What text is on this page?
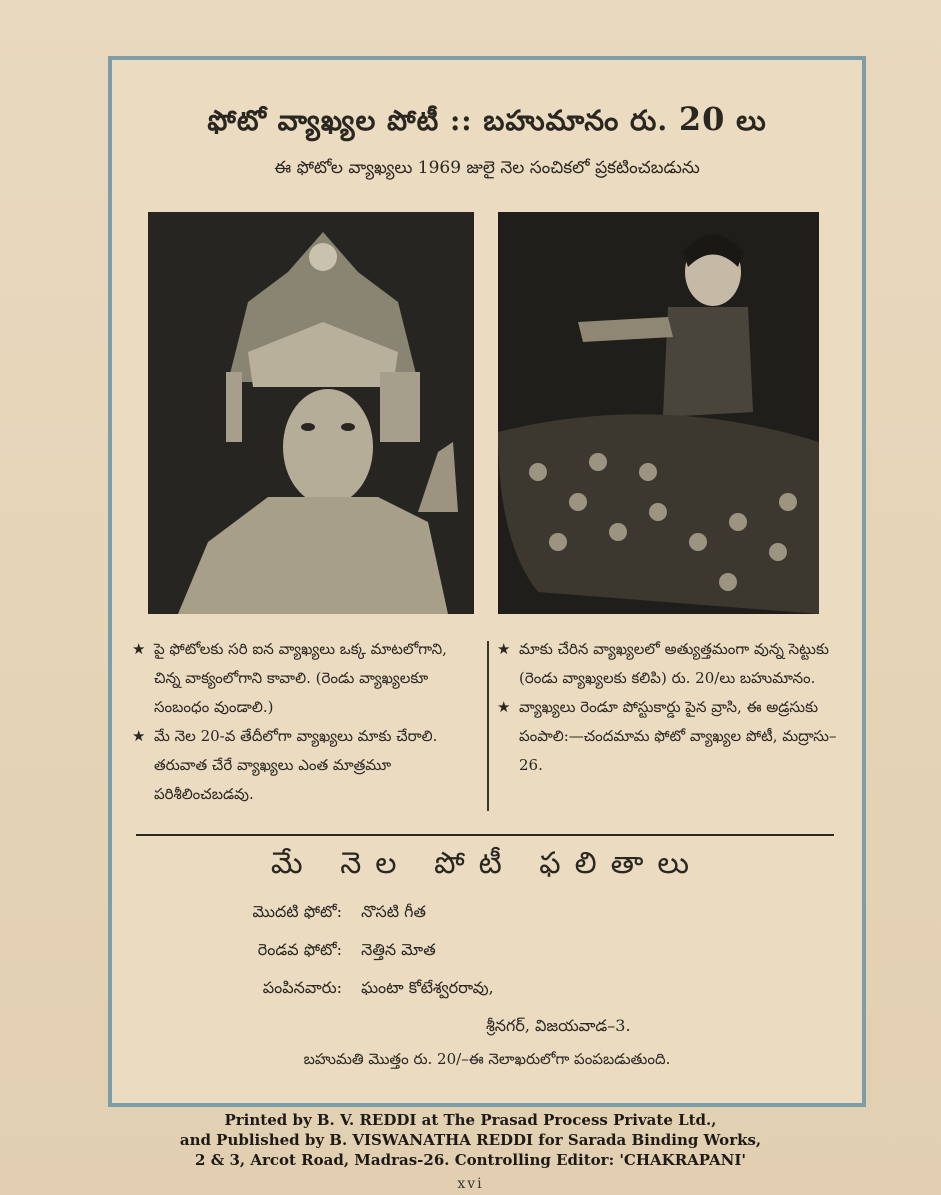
ఫోటో వ్యాఖ్యల పోటీ :: బహుమానం రు. 20 లు
ఈ ఫోటోల వ్యాఖ్యలు 1969 జులై నెల సంచికలో ప్రకటించబడును
★ పై ఫోటోలకు సరి ఐన వ్యాఖ్యలు ఒక్క మాటలోగాని, చిన్న వాక్యంలోగాని కావాలి. (రెండు వ్యాఖ్యలకూ సంబంధం వుండాలి.)
★ మే నెల 20-వ తేదీలోగా వ్యాఖ్యలు మాకు చేరాలి. తరువాత చేరే వ్యాఖ్యలు ఎంత మాత్రమూ పరిశీలించబడవు.
★ మాకు చేరిన వ్యాఖ్యలలో అత్యుత్తమంగా వున్న సెట్టుకు (రెండు వ్యాఖ్యలకు కలిపి) రు. 20/లు బహుమానం.
★ వ్యాఖ్యలు రెండూ పోస్టుకార్డు పైన వ్రాసి, ఈ అడ్రసుకు పంపాలి:—చందమామ ఫోటో వ్యాఖ్యల పోటీ, మద్రాసు–26.
మే నెల పోటీ ఫలితాలు
మొదటి ఫోటో: నొసటి గీత
రెండవ ఫోటో: నెత్తిన మోత
పంపినవారు: ఘంటా కోటేశ్వరరావు,
శ్రీనగర్, విజయవాడ–3.
బహుమతి మొత్తం రు. 20/–ఈ నెలాఖరులోగా పంపబడుతుంది.
Printed by B. V. REDDI at The Prasad Process Private Ltd.,
and Published by B. VISWANATHA REDDI for Sarada Binding Works,
2 & 3, Arcot Road, Madras-26. Controlling Editor: 'CHAKRAPANI'
xvi
